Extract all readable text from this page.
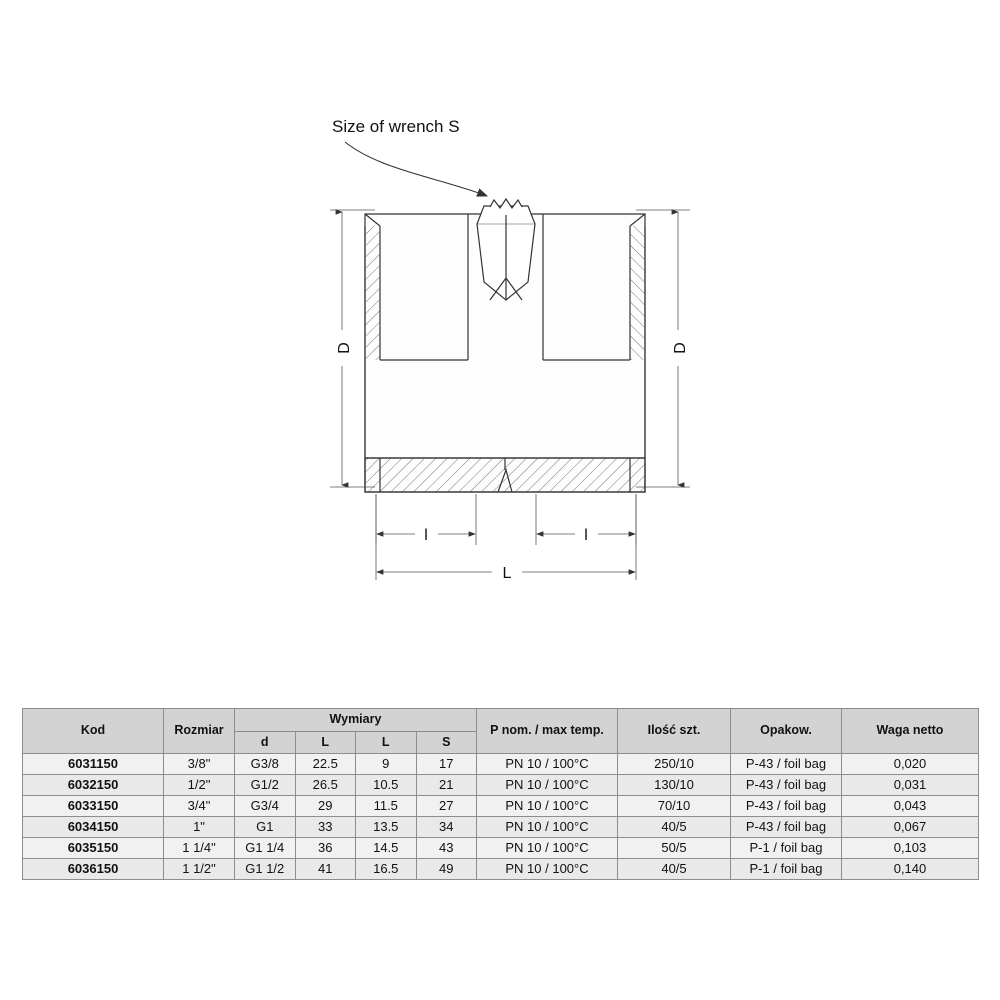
Size of wrench S
D	D
l	l
L
Kod	Rozmiar	Wymiary				P nom. / max temp.	Ilość szt.	Opakow.	Waga netto
		d	L	L	S				
6031150	3/8"	G3/8	22.5	9	17	PN 10 / 100°C	250/10	P-43 / foil bag	0,020
6032150	1/2"	G1/2	26.5	10.5	21	PN 10 / 100°C	130/10	P-43 / foil bag	0,031
6033150	3/4"	G3/4	29	11.5	27	PN 10 / 100°C	70/10	P-43 / foil bag	0,043
6034150	1"	G1	33	13.5	34	PN 10 / 100°C	40/5	P-43 / foil bag	0,067
6035150	1 1/4"	G1 1/4	36	14.5	43	PN 10 / 100°C	50/5	P-1 / foil bag	0,103
6036150	1 1/2"	G1 1/2	41	16.5	49	PN 10 / 100°C	40/5	P-1 / foil bag	0,140
